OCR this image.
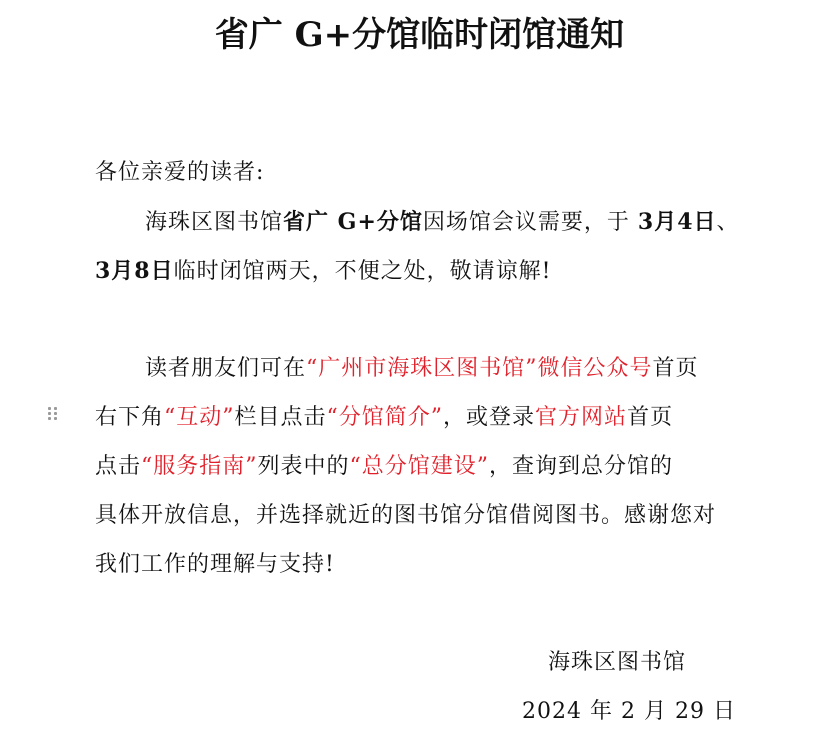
省广 G+分馆临时闭馆通知
各位亲爱的读者:
海珠区图书馆省广 G+分馆因场馆会议需要，于 3月4日、
3月8日临时闭馆两天，不便之处，敬请谅解!
读者朋友们可在“广州市海珠区图书馆”微信公众号首页
右下角“互动”栏目点击“分馆简介”，或登录官方网站首页
点击“服务指南”列表中的“总分馆建设”，查询到总分馆的
具体开放信息，并选择就近的图书馆分馆借阅图书。感谢您对
我们工作的理解与支持!
海珠区图书馆
2024 年 2 月 29 日
